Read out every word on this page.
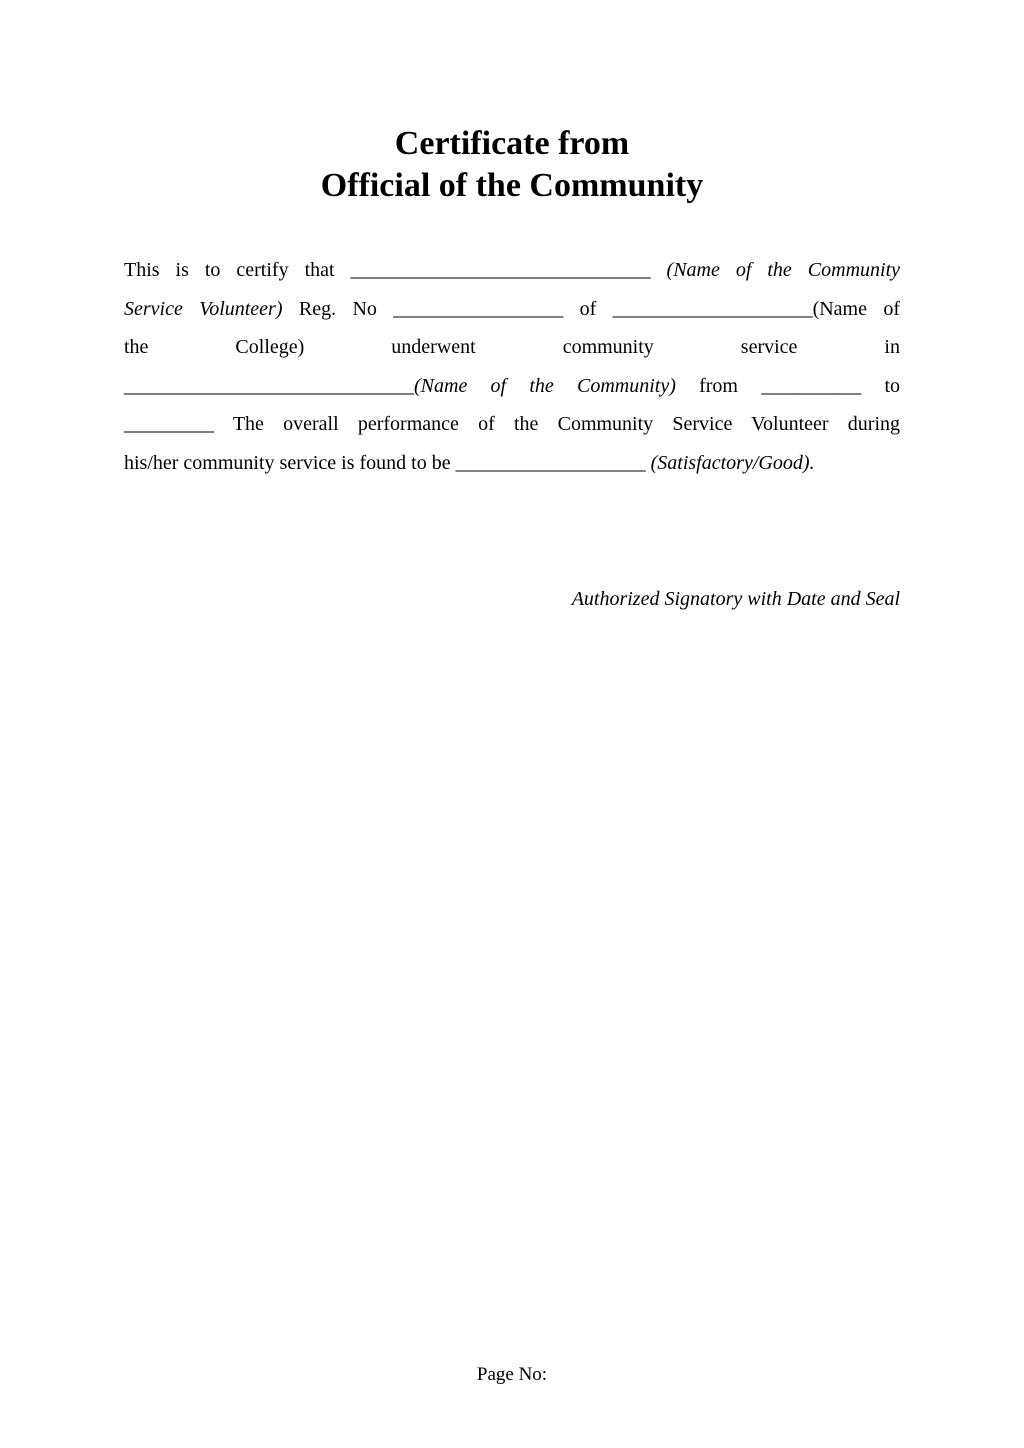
Certificate from
Official of the Community
This is to certify that ______________________________ (Name of the Community
Service Volunteer) Reg. No _________________ of ____________________(Name of
the	College)	underwent	community	service	in
_____________________________(Name of the Community) from __________ to
_________ The overall performance of the Community Service Volunteer during
his/her community service is found to be ___________________ (Satisfactory/Good).
Authorized Signatory with Date and Seal
Page No:
